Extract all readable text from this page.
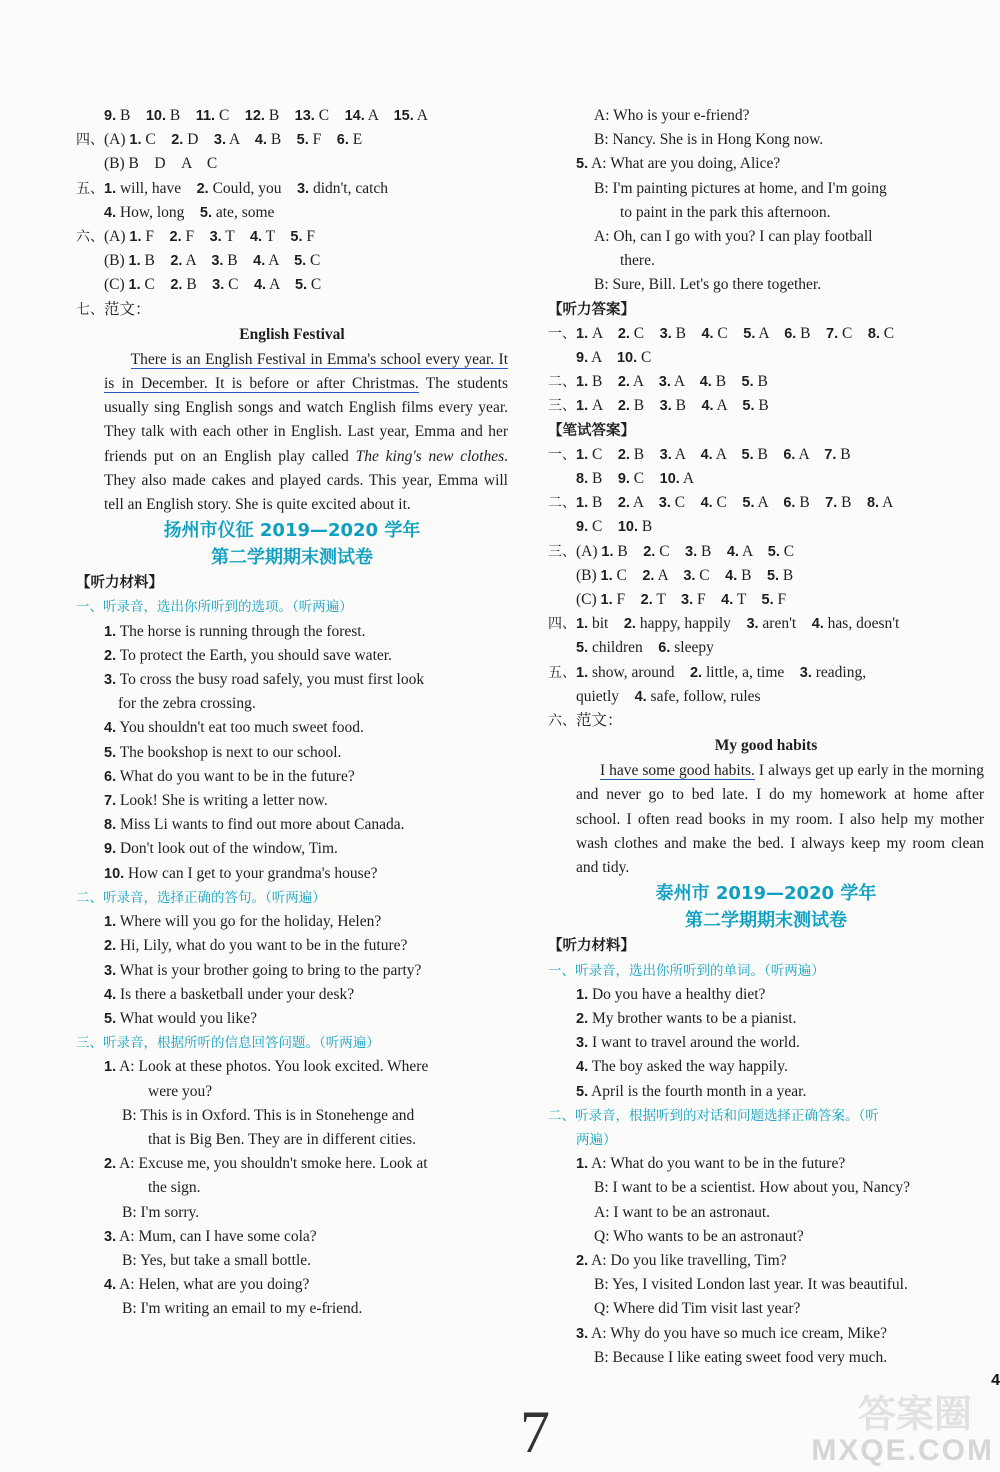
9. B　10. B　11. C　12. B　13. C　14. A　15. A
四、(A) 1. C　2. D　3. A　4. B　5. F　6. E
(B) B　D　A　C
五、1. will, have　2. Could, you　3. didn't, catch
4. How, long　5. ate, some
六、(A) 1. F　2. F　3. T　4. T　5. F
(B) 1. B　2. A　3. B　4. A　5. C
(C) 1. C　2. B　3. C　4. A　5. C
七、范文：
English Festival
There is an English Festival in Emma's school every year. It is in December. It is before or after Christmas. The students usually sing English songs and watch English films every year. They talk with each other in English. Last year, Emma and her friends put on an English play called The king's new clothes. They also made cakes and played cards. This year, Emma will tell an English story. She is quite excited about it.
扬州市仪征 2019—2020 学年
第二学期期末测试卷
【听力材料】
一、听录音，选出你所听到的选项。（听两遍）
1. The horse is running through the forest.
2. To protect the Earth, you should save water.
3. To cross the busy road safely, you must first look
for the zebra crossing.
4. You shouldn't eat too much sweet food.
5. The bookshop is next to our school.
6. What do you want to be in the future?
7. Look! She is writing a letter now.
8. Miss Li wants to find out more about Canada.
9. Don't look out of the window, Tim.
10. How can I get to your grandma's house?
二、听录音，选择正确的答句。（听两遍）
1. Where will you go for the holiday, Helen?
2. Hi, Lily, what do you want to be in the future?
3. What is your brother going to bring to the party?
4. Is there a basketball under your desk?
5. What would you like?
三、听录音，根据所听的信息回答问题。（听两遍）
1. A: Look at these photos. You look excited. Where
were you?
B: This is in Oxford. This is in Stonehenge and
that is Big Ben. They are in different cities.
2. A: Excuse me, you shouldn't smoke here. Look at
the sign.
B: I'm sorry.
3. A: Mum, can I have some cola?
B: Yes, but take a small bottle.
4. A: Helen, what are you doing?
B: I'm writing an email to my e-friend.
A: Who is your e-friend?
B: Nancy. She is in Hong Kong now.
5. A: What are you doing, Alice?
B: I'm painting pictures at home, and I'm going
to paint in the park this afternoon.
A: Oh, can I go with you? I can play football
there.
B: Sure, Bill. Let's go there together.
【听力答案】
一、1. A　2. C　3. B　4. C　5. A　6. B　7. C　8. C
9. A　10. C
二、1. B　2. A　3. A　4. B　5. B
三、1. A　2. B　3. B　4. A　5. B
【笔试答案】
一、1. C　2. B　3. A　4. A　5. B　6. A　7. B
8. B　9. C　10. A
二、1. B　2. A　3. C　4. C　5. A　6. B　7. B　8. A
9. C　10. B
三、(A) 1. B　2. C　3. B　4. A　5. C
(B) 1. C　2. A　3. C　4. B　5. B
(C) 1. F　2. T　3. F　4. T　5. F
四、1. bit　2. happy, happily　3. aren't　4. has, doesn't
5. children　6. sleepy
五、1. show, around　2. little, a, time　3. reading,
quietly　4. safe, follow, rules
六、范文：
My good habits
I have some good habits. I always get up early in the morning and never go to bed late. I do my homework at home after school. I often read books in my room. I also help my mother wash clothes and make the bed. I always keep my room clean and tidy.
泰州市 2019—2020 学年
第二学期期末测试卷
【听力材料】
一、听录音，选出你所听到的单词。（听两遍）
1. Do you have a healthy diet?
2. My brother wants to be a pianist.
3. I want to travel around the world.
4. The boy asked the way happily.
5. April is the fourth month in a year.
二、听录音，根据听到的对话和问题选择正确答案。（听
两遍）
1. A: What do you want to be in the future?
B: I want to be a scientist. How about you, Nancy?
A: I want to be an astronaut.
Q: Who wants to be an astronaut?
2. A: Do you like travelling, Tim?
B: Yes, I visited London last year. It was beautiful.
Q: Where did Tim visit last year?
3. A: Why do you have so much ice cream, Mike?
B: Because I like eating sweet food very much.
7
4
答案圈
MXQE.COM
